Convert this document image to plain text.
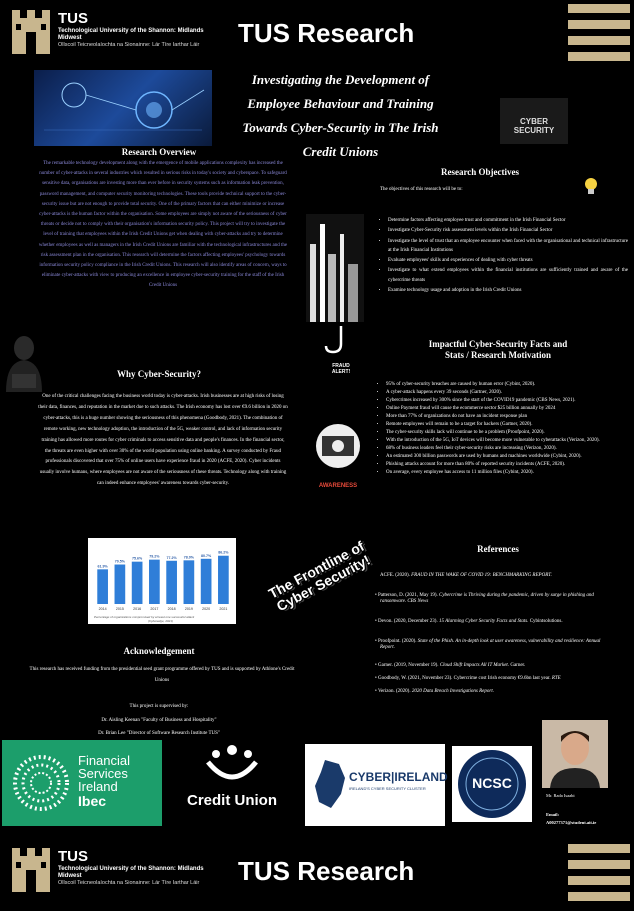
TUS
Technological University of the Shannon: Midlands Midwest
Ollscoil Teicneolaíochta na Sionainne: Lár Tíre Iarthar Láir	TUS Research
Investigating the Development of
Employee Behaviour and Training
Towards Cyber-Security in The Irish
Credit Unions
CYBER SECURITY
Research Overview
The remarkable technology development along with the emergence of mobile applications complexity has increased the number of cyber-attacks in several industries which resulted in serious risks in today's society and cyberspace. To safeguard sensitive data, organisations are investing more than ever before in security systems such as information leak prevention, password management, and computer security monitoring technologies. These tools provide technical support to the cyber-security issue but are not enough to provide total security. One of the primary factors that can either minimize or increase cyber-attacks is the human factor within the organisation. Some employees are simply not aware of the seriousness of cyber threats or decide not to comply with their organisation's information security policy. This project will try to investigate the level of training that employees within the Irish Credit Unions get when dealing with cyber-attacks and try to determine whether employees as well as managers in the Irish Credit Unions are familiar with the technological infrastructures and the risk assessment plan in the organisation. This research will determine the factors affecting employees' psychology towards information security policy compliance in the Irish Credit Unions. This research will also identify areas of concern, ways to eliminate cyber-attacks with view to producing an excellence in employee cyber-security training for the staff of the Irish Credit Unions
Why Cyber-Security?
One of the critical challenges facing the business world today is cyber-attacks. Irish businesses are at high risks of losing their data, finances, and reputation in the market due to such attacks. The Irish economy has lost over €9.6 billion in 2020 on cyber-attacks, this is a huge number showing the seriousness of this phenomena (Goodbody, 2021). The combination of remote working, new technology adoption, the introduction of the 5G, weaker control, and lack of information security training has allowed more routes for cyber criminals to access sensitive data and people's finances. In the financial sector, the threats are even higher with over 30% of the world population using online banking. A survey conducted by Fraud professionals discovered that over 75% of online users have experience fraud in 2020 (ACFE, 2020). Cyber incidents usually involve humans, where employees are not aware of the seriousness of these threats. Technology along with training can indeed enhance employees' awareness towards cyber-security.
61.9%
2014
70.5%
2015
75.6%
2016
79.2%
2017
77.2%
2018
78.0%
2019
80.7%
2020
86.2%
2021
Percentage of organizations compromised by at least one successful attack
(Cyberedge, 2021)
The Frontline of Cyber Security!
Acknowledgement
This research has received funding from the presidential seed grant programme offered by TUS and is supported by Athlone's Credit Unions
This project is supervised by:
Dr. Aisling Keenan "Faculty of Business and Hospitality"
Dr. Brian Lee "Director of Software Research Institute TUS"
Research Objectives
The objectives of this research will be to:
• Determine factors affecting employee trust and commitment in the Irish Financial Sector
• Investigate Cyber-Security risk assessment levels within the Irish Financial Sector
• Investigate the level of trust that an employee encounter when faced with the organisational and technical infrastructure at the Irish Financial Institutions
• Evaluate employees' skills and experiences of dealing with cyber threats
• Investigate to what extend employees within the financial institutions are sufficiently trained and aware of the cybercrime threats
• Examine technology usage and adoption in the Irish Credit Unions
FRAUD ALERT!
Impactful Cyber-Security Facts and Stats / Research Motivation
• 95% of cyber-security breaches are caused by human error (Cybint, 2020).
• A cyber-attack happens every 39 seconds (Gartner, 2020).
• Cybercrimes increased by 300% since the start of the COVID19 pandemic (CBS News, 2021).
• Online Payment fraud will cause the ecommerce sector $25 billion annually by 2024
• More than 77% of organizations do not have an incident response plan
• Remote employees will remain to be a target for hackers (Gartner, 2020).
• The cyber-security skills lack will continue to be a problem (Proofpoint, 2020).
• With the introduction of the 5G, IoT devices will become more vulnerable to cyberattacks (Verizon, 2020).
• 68% of business leaders feel their cyber-security risks are increasing (Verizon, 2020).
• An estimated 300 billion passwords are used by humans and machines worldwide (Cybint, 2020).
• Phishing attacks account for more than 80% of reported security incidents (ACFE, 2020).
• On average, every employee has access to 11 million files (Cybint, 2020).
AWARENESS
References
ACFE. (2020). FRAUD IN THE WAKE OF COVID 19: BENCHMARKING REPORT.
• Patterson, D. (2021, May 19). Cybercrime is Thriving during the pandemic, driven by surge in phishing and ransomware. CBS News
• Devon. (2020, December 23). 15 Alarming Cyber Security Facts and Stats. Cybintsolutions.
• Proofpoint. (2020). State of the Phish. An in-depth look at user awareness, vulnerability and resilience: Annual Report.
• Garner. (2019, November 19). Cloud Shift Impacts All IT Market. Garner.
• Goodbody, W. (2021, November 23). Cybercrime cost Irish economy €9.6bn last year. RTE
• Verizon. (2020). 2020 Data Breach Investigations Report.
Mr. Rada Isaabi
Email:
A00277371@student.ait.ie
Financial
Services
Ireland
Ibec	Credit Union
CYBER|IRELAND
IRELAND'S CYBER SECURITY CLUSTER	NCSC
TUS
Technological University of the Shannon: Midlands Midwest
Ollscoil Teicneolaíochta na Sionainne: Lár Tíre Iarthar Láir	TUS Research
